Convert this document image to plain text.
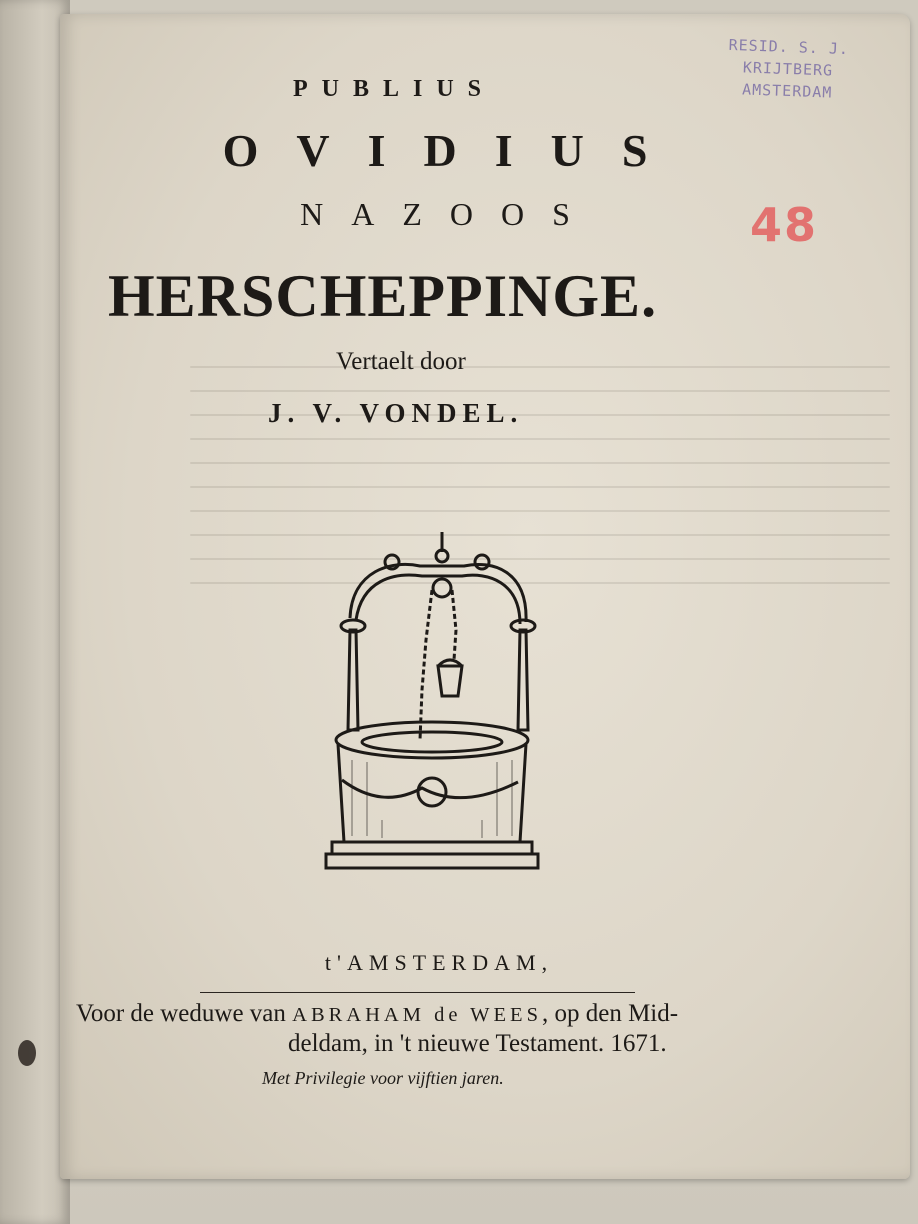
RESID. S. J.
KRIJTBERG
AMSTERDAM
48
PUBLIUS
OVIDIUS
NAZOOS
HERSCHEPPINGE.
Vertaelt door
J. V. VONDEL.
t'AMSTERDAM,
Voor de weduwe van ABRAHAM de WEES, op den Mid-
deldam, in 't nieuwe Testament. 1671.
Met Privilegie voor vijftien jaren.
